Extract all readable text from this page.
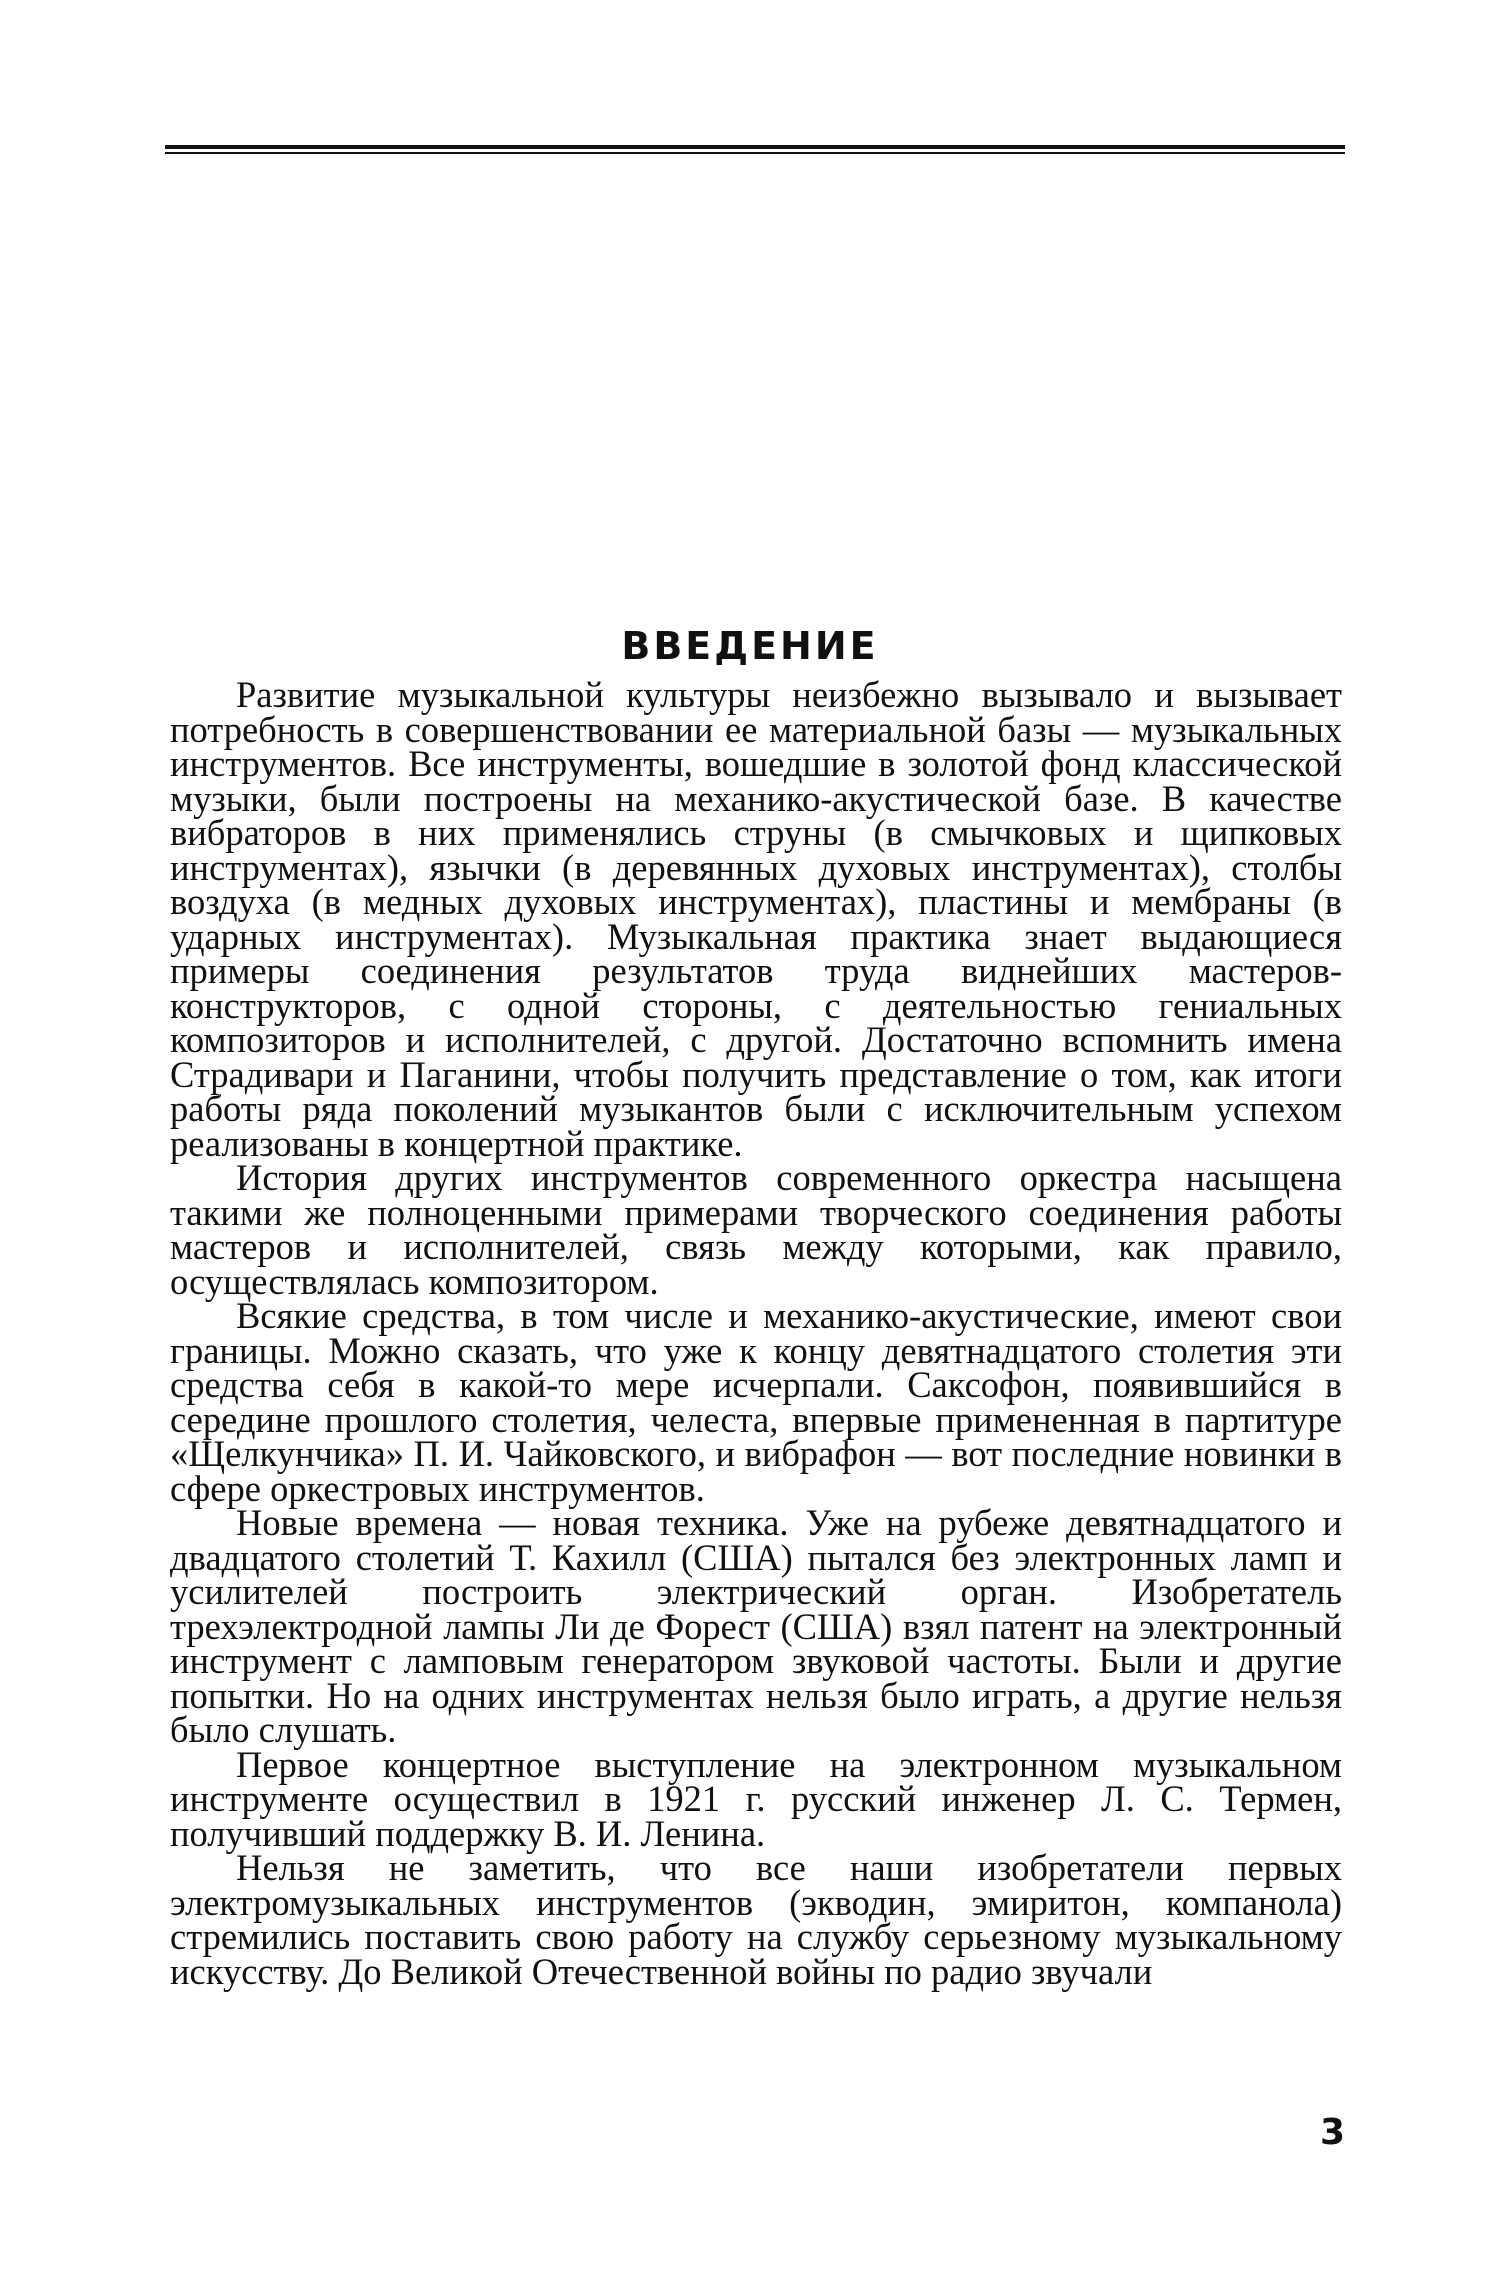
ВВЕДЕНИЕ

Развитие музыкальной культуры неизбежно вызывало и вызывает потребность в совершенствовании ее материальной базы — музыкальных инструментов. Все инструменты, вошедшие в золотой фонд классической музыки, были построены на механико-акустической базе. В качестве вибраторов в них применялись струны (в смычковых и щипковых инструментах), язычки (в деревянных духовых инструментах), столбы воздуха (в медных духовых инструментах), пластины и мембраны (в ударных инструментах). Музыкальная практика знает выдающиеся примеры соединения результатов труда виднейших мастеров-конструкторов, с одной стороны, с деятельностью гениальных композиторов и исполнителей, с другой. Достаточно вспомнить имена Страдивари и Паганини, чтобы получить представление о том, как итоги работы ряда поколений музыкантов были с исключительным успехом реализованы в концертной практике.

История других инструментов современного оркестра насыщена такими же полноценными примерами творческого соединения работы мастеров и исполнителей, связь между которыми, как правило, осуществлялась композитором.

Всякие средства, в том числе и механико-акустические, имеют свои границы. Можно сказать, что уже к концу девятнадцатого столетия эти средства себя в какой-то мере исчерпали. Саксофон, появившийся в середине прошлого столетия, челеста, впервые примененная в партитуре «Щелкунчика» П. И. Чайковского, и вибрафон — вот последние новинки в сфере оркестровых инструментов.

Новые времена — новая техника. Уже на рубеже девятнадцатого и двадцатого столетий Т. Кахилл (США) пытался без электронных ламп и усилителей построить электрический орган. Изобретатель трехэлектродной лампы Ли де Форест (США) взял патент на электронный инструмент с ламповым генератором звуковой частоты. Были и другие попытки. Но на одних инструментах нельзя было играть, а другие нельзя было слушать.

Первое концертное выступление на электронном музыкальном инструменте осуществил в 1921 г. русский инженер Л. С. Термен, получивший поддержку В. И. Ленина.

Нельзя не заметить, что все наши изобретатели первых электромузыкальных инструментов (экводин, эмиритон, компанола) стремились поставить свою работу на службу серьезному музыкальному искусству. До Великой Отечественной войны по радио звучали

3
